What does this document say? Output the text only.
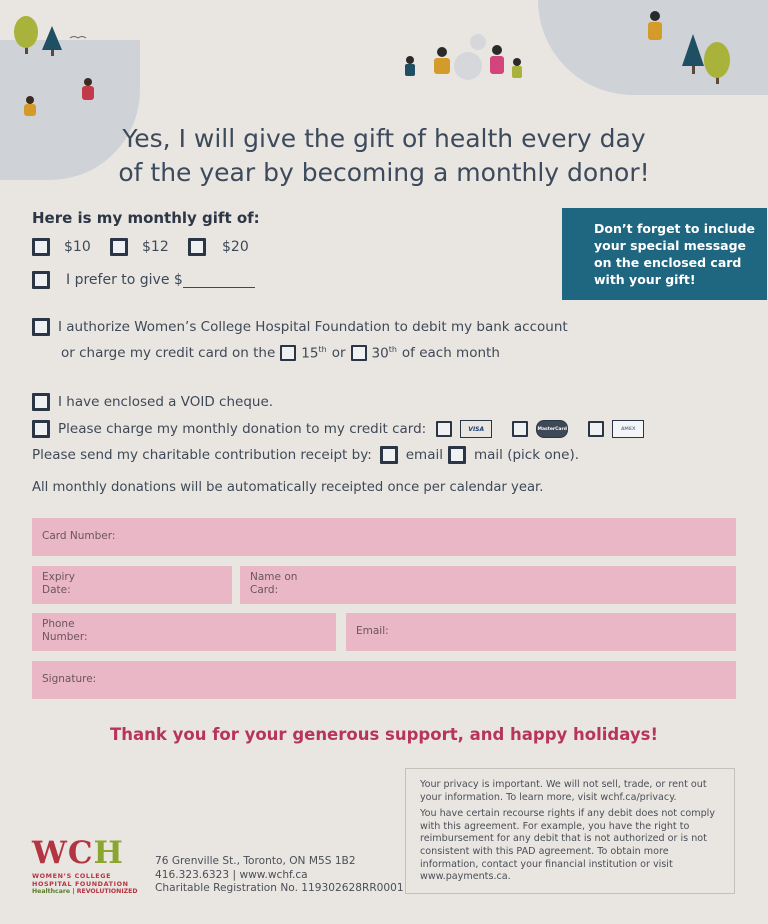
Yes, I will give the gift of health every day
of the year by becoming a monthly donor!
Don’t forget to include
your special message
on the enclosed card
with your gift!
Here is my monthly gift of:
$10	$12	$20
I prefer to give $
I authorize Women’s College Hospital Foundation to debit my bank account
or charge my credit card on the 15th or 30th of each month
I have enclosed a VOID cheque.
Please charge my monthly donation to my credit card:	VISA	MasterCard	AMEX
Please send my charitable contribution receipt by:	email mail (pick one).
All monthly donations will be automatically receipted once per calendar year.
Card Number:
Expiry
Date:
Name on
Card:
Phone
Number:	Email:
Signature:
Thank you for your generous support, and happy holidays!

Your privacy is important. We will not sell, trade, or rent out your information. To learn more, visit wchf.ca/privacy.

You have certain recourse rights if any debit does not comply with this agreement. For example, you have the right to reimbursement for any debit that is not authorized or is not consistent with this PAD agreement. To obtain more information, contact your financial institution or visit www.payments.ca.

WCH
WOMEN’S COLLEGE
HOSPITAL FOUNDATION
Healthcare | REVOLUTIONIZED
76 Grenville St., Toronto, ON M5S 1B2
416.323.6323 | www.wchf.ca
Charitable Registration No. 119302628RR0001
